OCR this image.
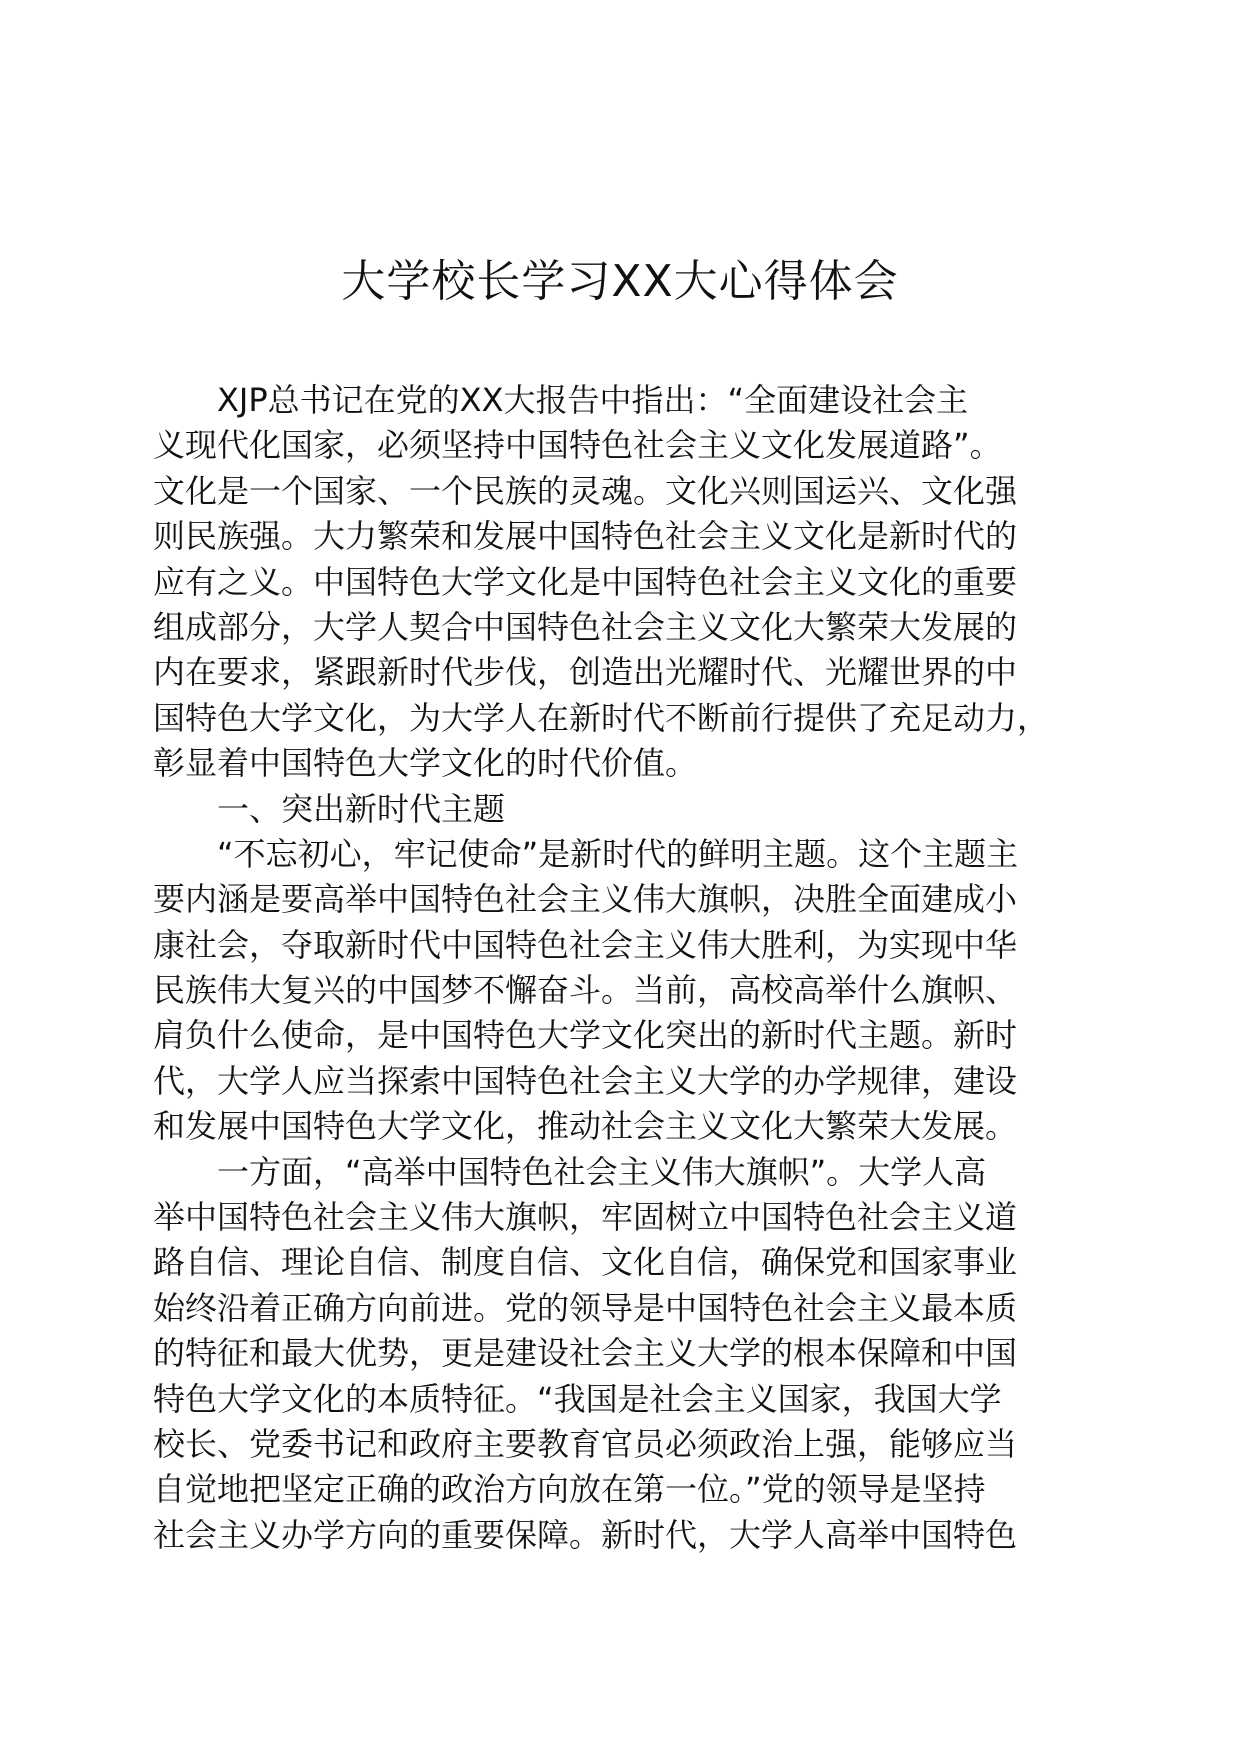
大学校长学习XX大心得体会
XJP总书记在党的XX大报告中指出：“全面建设社会主
义现代化国家，必须坚持中国特色社会主义文化发展道路”。
文化是一个国家、一个民族的灵魂。文化兴则国运兴、文化强
则民族强。大力繁荣和发展中国特色社会主义文化是新时代的
应有之义。中国特色大学文化是中国特色社会主义文化的重要
组成部分，大学人契合中国特色社会主义文化大繁荣大发展的
内在要求，紧跟新时代步伐，创造出光耀时代、光耀世界的中
国特色大学文化，为大学人在新时代不断前行提供了充足动力，
彰显着中国特色大学文化的时代价值。
一、突出新时代主题
“不忘初心，牢记使命”是新时代的鲜明主题。这个主题主
要内涵是要高举中国特色社会主义伟大旗帜，决胜全面建成小
康社会，夺取新时代中国特色社会主义伟大胜利，为实现中华
民族伟大复兴的中国梦不懈奋斗。当前，高校高举什么旗帜、
肩负什么使命，是中国特色大学文化突出的新时代主题。新时
代，大学人应当探索中国特色社会主义大学的办学规律，建设
和发展中国特色大学文化，推动社会主义文化大繁荣大发展。
一方面，“高举中国特色社会主义伟大旗帜”。大学人高
举中国特色社会主义伟大旗帜，牢固树立中国特色社会主义道
路自信、理论自信、制度自信、文化自信，确保党和国家事业
始终沿着正确方向前进。党的领导是中国特色社会主义最本质
的特征和最大优势，更是建设社会主义大学的根本保障和中国
特色大学文化的本质特征。“我国是社会主义国家，我国大学
校长、党委书记和政府主要教育官员必须政治上强，能够应当
自觉地把坚定正确的政治方向放在第一位。”党的领导是坚持
社会主义办学方向的重要保障。新时代，大学人高举中国特色
